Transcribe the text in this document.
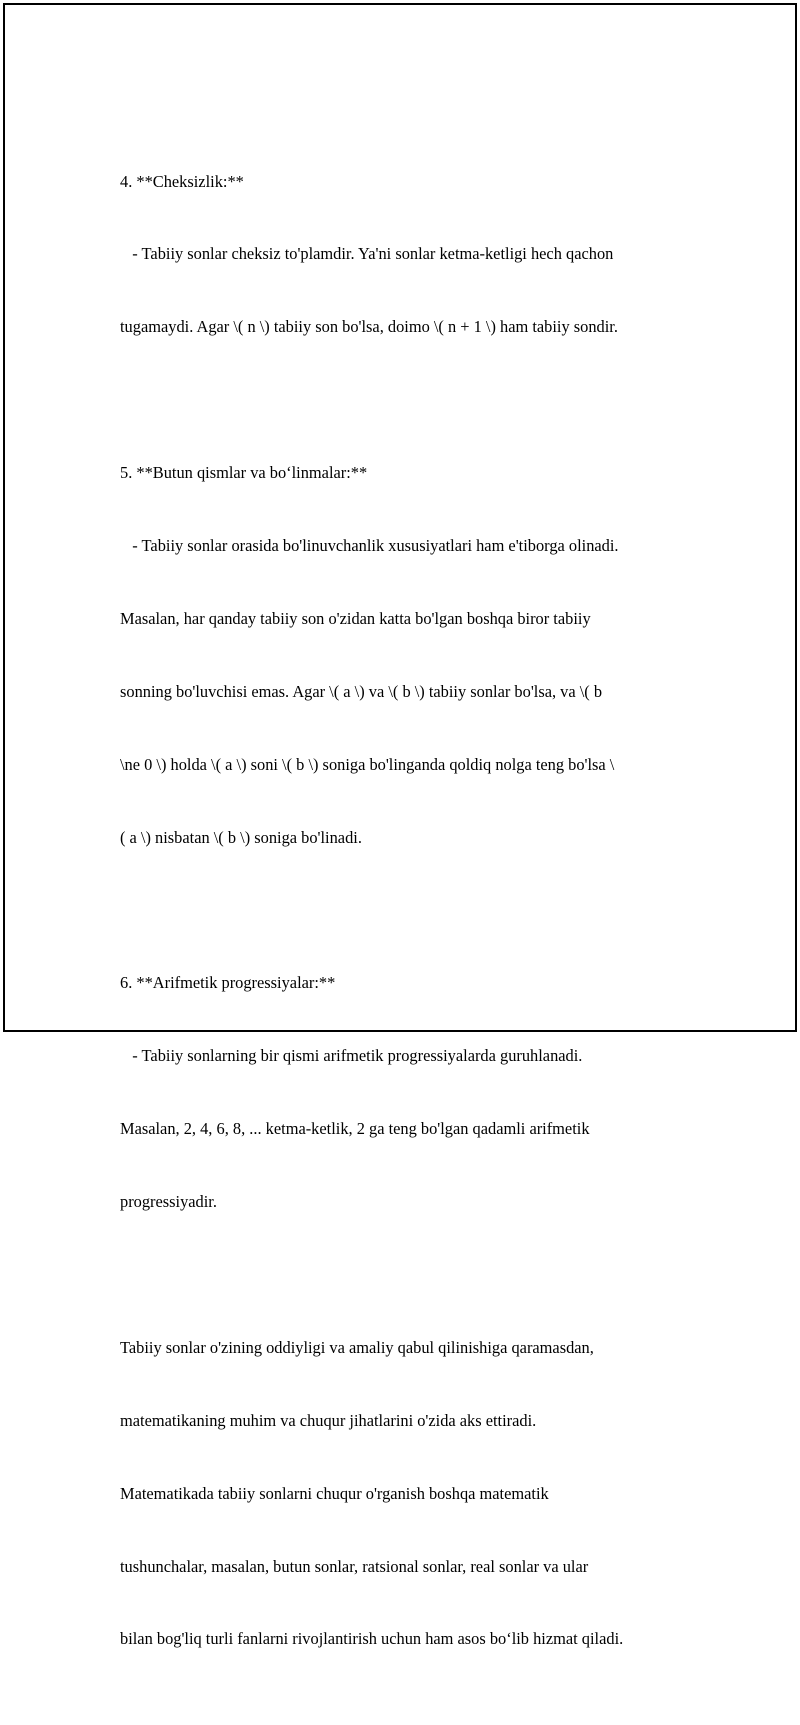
4. **Cheksizlik:**

- Tabiiy sonlar cheksiz to'plamdir. Ya'ni sonlar ketma-ketligi hech qachon

tugamaydi. Agar \( n \) tabiiy son bo'lsa, doimo \( n + 1 \) ham tabiiy sondir.

5. **Butun qismlar va bo‘linmalar:**

- Tabiiy sonlar orasida bo'linuvchanlik xususiyatlari ham e'tiborga olinadi.

Masalan, har qanday tabiiy son o'zidan katta bo'lgan boshqa biror tabiiy

sonning bo'luvchisi emas. Agar \( a \) va \( b \) tabiiy sonlar bo'lsa, va \( b

\ne 0 \) holda \( a \) soni \( b \) soniga bo'linganda qoldiq nolga teng bo'lsa \

( a \) nisbatan \( b \) soniga bo'linadi.

6. **Arifmetik progressiyalar:**

- Tabiiy sonlarning bir qismi arifmetik progressiyalarda guruhlanadi.

Masalan, 2, 4, 6, 8, ... ketma-ketlik, 2 ga teng bo'lgan qadamli arifmetik

progressiyadir.

Tabiiy sonlar o'zining oddiyligi va amaliy qabul qilinishiga qaramasdan,

matematikaning muhim va chuqur jihatlarini o'zida aks ettiradi.

Matematikada tabiiy sonlarni chuqur o'rganish boshqa matematik

tushunchalar, masalan, butun sonlar, ratsional sonlar, real sonlar va ular

bilan bog'liq turli fanlarni rivojlantirish uchun ham asos bo‘lib hizmat qiladi.
